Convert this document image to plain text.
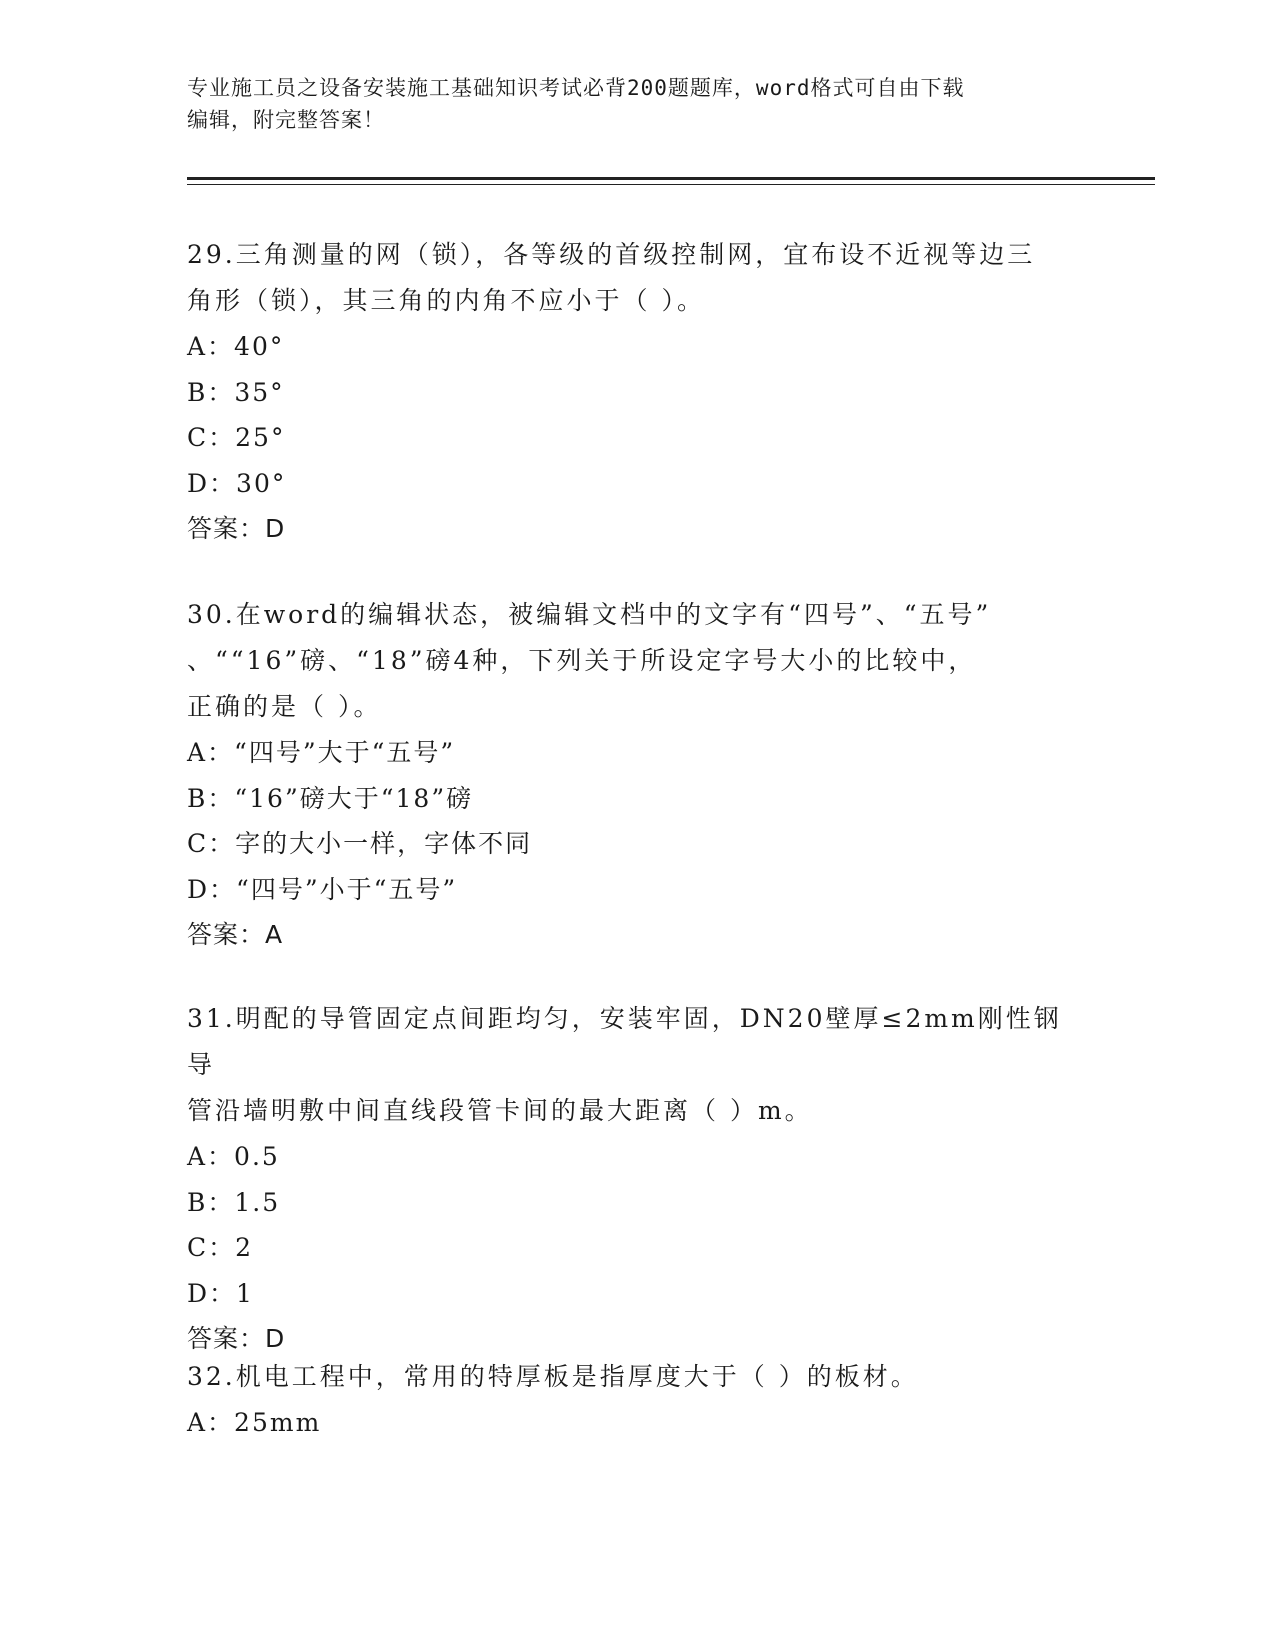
专业施工员之设备安装施工基础知识考试必背200题题库，word格式可自由下载
编辑，附完整答案！
29.三角测量的网（锁），各等级的首级控制网，宜布设不近视等边三
角形（锁），其三角的内角不应小于（ ）。
A：40°
B：35°
C：25°
D：30°
答案：D
30.在word的编辑状态，被编辑文档中的文字有“四号”、“五号”
、““16”磅、“18”磅4种，下列关于所设定字号大小的比较中，
正确的是（ ）。
A：“四号”大于“五号”
B：“16”磅大于“18”磅
C：字的大小一样，字体不同
D：“四号”小于“五号”
答案：A
31.明配的导管固定点间距均匀，安装牢固，DN20壁厚≤2mm刚性钢导
管沿墙明敷中间直线段管卡间的最大距离（ ）m。
A：0.5
B：1.5
C：2
D：1
答案：D
32.机电工程中，常用的特厚板是指厚度大于（ ）的板材。
A：25mm
